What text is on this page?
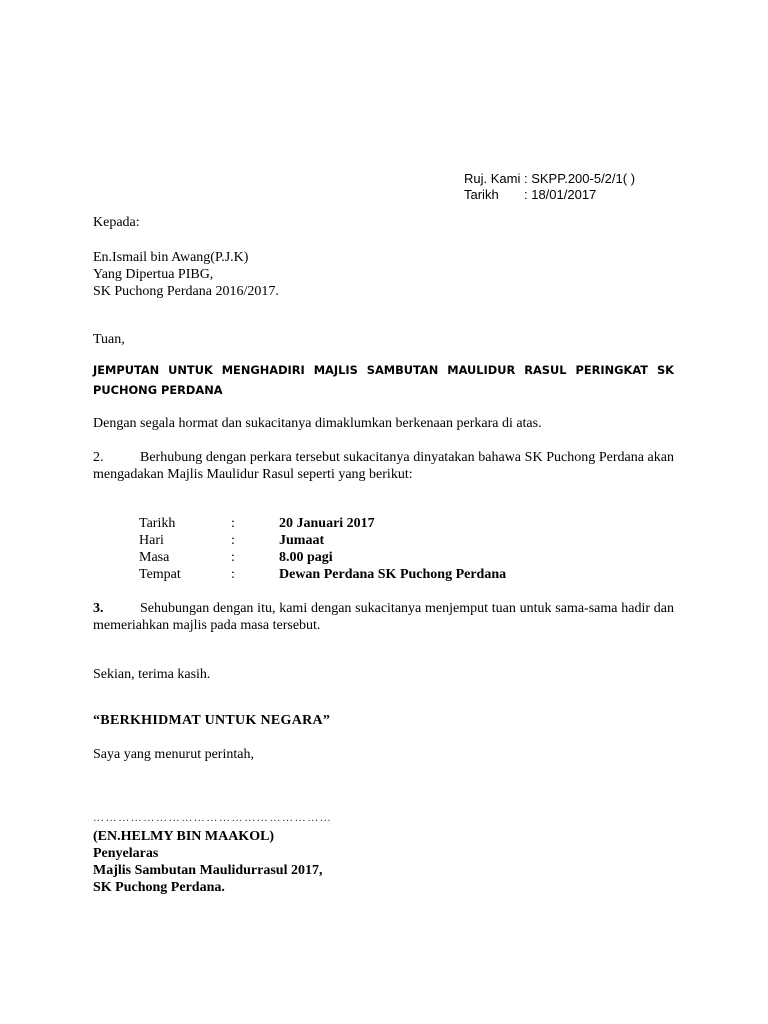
Ruj. Kami : SKPP.200-5/2/1( )
Tarikh : 18/01/2017
Kepada:
En.Ismail bin Awang(P.J.K)
Yang Dipertua PIBG,
SK Puchong Perdana 2016/2017.
Tuan,
JEMPUTAN UNTUK MENGHADIRI MAJLIS SAMBUTAN MAULIDUR RASUL PERINGKAT SK PUCHONG PERDANA
Dengan segala hormat dan sukacitanya dimaklumkan berkenaan perkara di atas.
2.	Berhubung dengan perkara tersebut sukacitanya dinyatakan bahawa SK Puchong Perdana akan mengadakan Majlis Maulidur Rasul seperti yang berikut:
Tarikh	:	20 Januari 2017
Hari	:	Jumaat
Masa	:	8.00 pagi
Tempat	:	Dewan Perdana SK Puchong Perdana
3.	Sehubungan dengan itu, kami dengan sukacitanya menjemput tuan untuk sama-sama hadir dan memeriahkan majlis pada masa tersebut.
Sekian, terima kasih.
“BERKHIDMAT UNTUK NEGARA”
Saya yang menurut perintah,
…………………………………………………
(EN.HELMY BIN MAAKOL)
Penyelaras
Majlis Sambutan Maulidurrasul 2017,
SK Puchong Perdana.
